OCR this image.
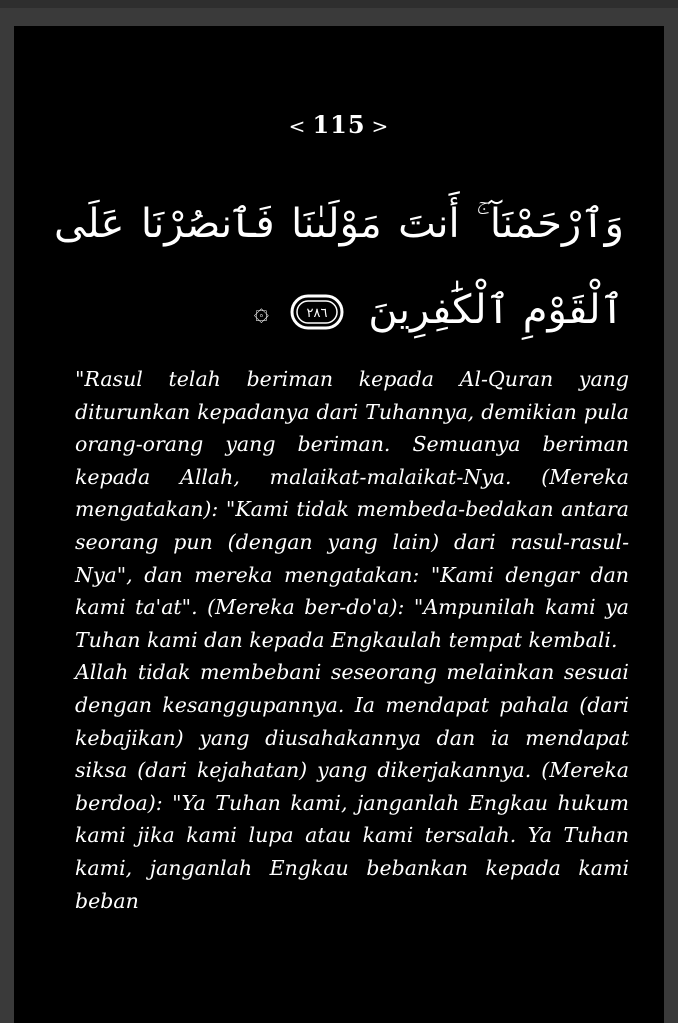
< 115 >
وَٱرْحَمْنَآ ۚ أَنتَ مَوْلَىٰنَا فَٱنصُرْنَا عَلَى
ٱلْقَوْمِ ٱلْكَٰفِرِينَ
٢٨٦
۞

"Rasul telah beriman kepada Al-Quran yang diturunkan kepadanya dari Tuhannya, demikian pula orang-orang yang beriman. Semuanya beriman kepada Allah, malaikat-malaikat-Nya. (Mereka mengatakan): "Kami tidak membeda-bedakan antara seorang pun (dengan yang lain) dari rasul-rasul-Nya", dan mereka mengatakan: "Kami dengar dan kami ta'at". (Mereka ber-do'a): "Ampunilah kami ya Tuhan kami dan kepada Engkaulah tempat kembali.

Allah tidak membebani seseorang melainkan sesuai dengan kesanggupannya. Ia mendapat pahala (dari kebajikan) yang diusahakannya dan ia mendapat siksa (dari kejahatan) yang dikerjakannya. (Mereka berdoa): "Ya Tuhan kami, janganlah Engkau hukum kami jika kami lupa atau kami tersalah. Ya Tuhan kami, janganlah Engkau bebankan kepada kami beban
